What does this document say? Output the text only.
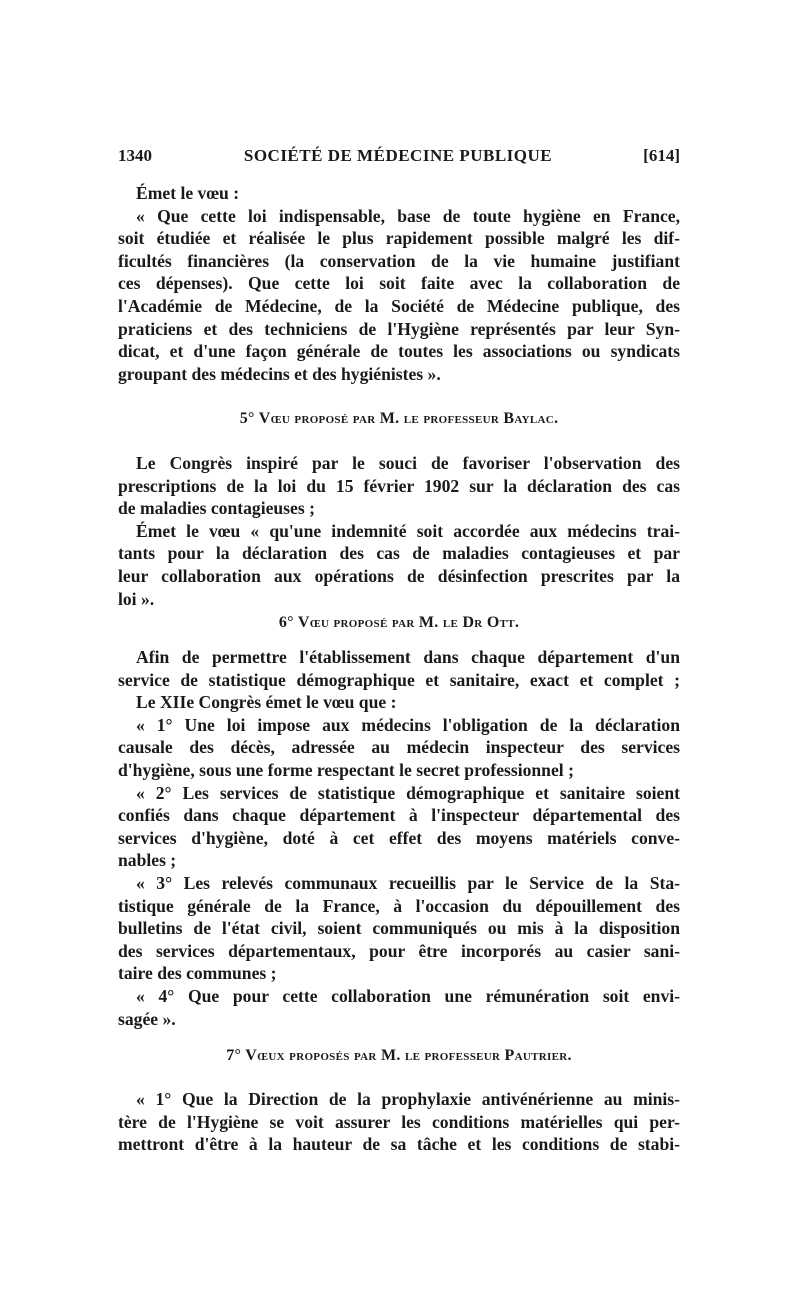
1340	SOCIÉTÉ DE MÉDECINE PUBLIQUE	[614]

Émet le vœu :

« Que cette loi indispensable, base de toute hygiène en France,

soit étudiée et réalisée le plus rapidement possible malgré les dif-

ficultés financières (la conservation de la vie humaine justifiant

ces dépenses). Que cette loi soit faite avec la collaboration de

l'Académie de Médecine, de la Société de Médecine publique, des

praticiens et des techniciens de l'Hygiène représentés par leur Syn-

dicat, et d'une façon générale de toutes les associations ou syndicats

groupant des médecins et des hygiénistes ».

5° Vœu proposé par M. le professeur Baylac.

Le Congrès inspiré par le souci de favoriser l'observation des

prescriptions de la loi du 15 février 1902 sur la déclaration des cas

de maladies contagieuses ;

Émet le vœu « qu'une indemnité soit accordée aux médecins trai-

tants pour la déclaration des cas de maladies contagieuses et par

leur collaboration aux opérations de désinfection prescrites par la

loi ».

6° Vœu proposé par M. le Dr Ott.

Afin de permettre l'établissement dans chaque département d'un

service de statistique démographique et sanitaire, exact et complet ;

Le XIIe Congrès émet le vœu que :

« 1° Une loi impose aux médecins l'obligation de la déclaration

causale des décès, adressée au médecin inspecteur des services

d'hygiène, sous une forme respectant le secret professionnel ;

« 2° Les services de statistique démographique et sanitaire soient

confiés dans chaque département à l'inspecteur départemental des

services d'hygiène, doté à cet effet des moyens matériels conve-

nables ;

« 3° Les relevés communaux recueillis par le Service de la Sta-

tistique générale de la France, à l'occasion du dépouillement des

bulletins de l'état civil, soient communiqués ou mis à la disposition

des services départementaux, pour être incorporés au casier sani-

taire des communes ;

« 4° Que pour cette collaboration une rémunération soit envi-

sagée ».

7° Vœux proposés par M. le professeur Pautrier.

« 1° Que la Direction de la prophylaxie antivénérienne au minis-

tère de l'Hygiène se voit assurer les conditions matérielles qui per-

mettront d'être à la hauteur de sa tâche et les conditions de stabi-
